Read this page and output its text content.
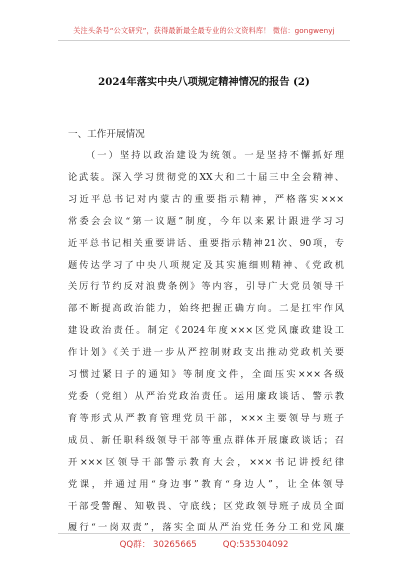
关注头条号“公文研究”，获得最新最全最专业的公文资料库！ 微信：gongwenyj
2024年落实中央八项规定精神情况的报告 (2)
一、工作开展情况
（一）坚持以政治建设为统领。一是坚持不懈抓好理
论武装。深入学习贯彻党的XX大和二十届三中全会精神、
习近平总书记对内蒙古的重要指示精神，严格落实×××
常委会会议“第一议题”制度，今年以来累计跟进学习习
近平总书记相关重要讲话、重要指示精神21次、90项，专
题传达学习了中央八项规定及其实施细则精神、《党政机
关厉行节约反对浪费条例》等内容，引导广大党员领导干
部不断提高政治能力，始终把握正确方向。二是扛牢作风
建设政治责任。制定《2024年度×××区党风廉政建设工
作计划》《关于进一步从严控制财政支出推动党政机关要
习惯过紧日子的通知》等制度文件，全面压实×××各级
党委（党组）从严治党政治责任。运用廉政谈话、警示教
育等形式从严教育管理党员干部，×××主要领导与班子
成员、新任职科级领导干部等重点群体开展廉政谈话；召
开×××区领导干部警示教育大会，×××书记讲授纪律
党课，并通过用“身边事”教育“身边人”，让全体领导
干部受警醒、知敬畏、守底线；区党政领导班子成员全面
履行“一岗双责”，落实全面从严治党任务分工和党风廉
QQ群： 30265665	QQ:535304092
